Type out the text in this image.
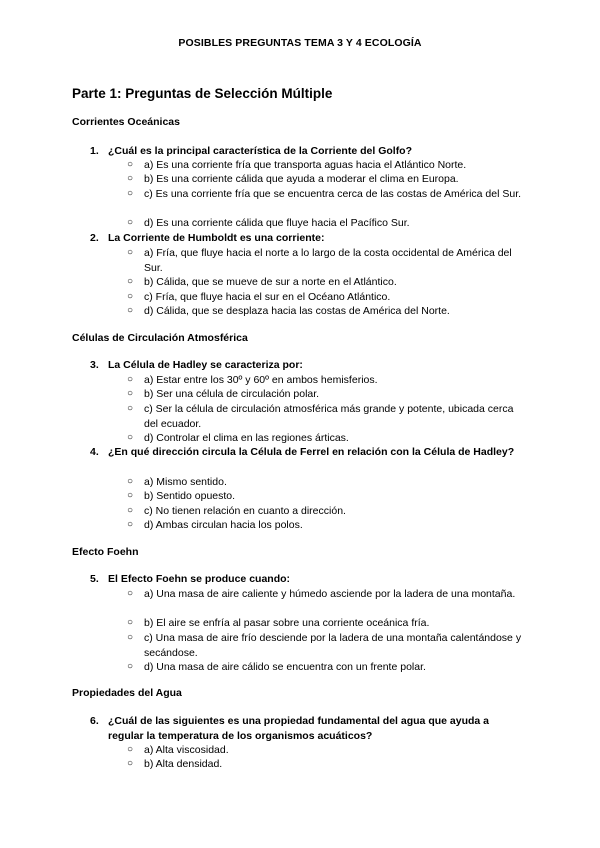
POSIBLES PREGUNTAS TEMA 3 Y 4 ECOLOGÍA
Parte 1: Preguntas de Selección Múltiple
Corrientes Oceánicas
1. ¿Cuál es la principal característica de la Corriente del Golfo?
○ a) Es una corriente fría que transporta aguas hacia el Atlántico Norte.
○ b) Es una corriente cálida que ayuda a moderar el clima en Europa.
○ c) Es una corriente fría que se encuentra cerca de las costas de América del Sur.
○ d) Es una corriente cálida que fluye hacia el Pacífico Sur.
2. La Corriente de Humboldt es una corriente:
○ a) Fría, que fluye hacia el norte a lo largo de la costa occidental de América del Sur.
○ b) Cálida, que se mueve de sur a norte en el Atlántico.
○ c) Fría, que fluye hacia el sur en el Océano Atlántico.
○ d) Cálida, que se desplaza hacia las costas de América del Norte.
Células de Circulación Atmosférica
3. La Célula de Hadley se caracteriza por:
○ a) Estar entre los 30º y 60º en ambos hemisferios.
○ b) Ser una célula de circulación polar.
○ c) Ser la célula de circulación atmosférica más grande y potente, ubicada cerca del ecuador.
○ d) Controlar el clima en las regiones árticas.
4. ¿En qué dirección circula la Célula de Ferrel en relación con la Célula de Hadley?
○ a) Mismo sentido.
○ b) Sentido opuesto.
○ c) No tienen relación en cuanto a dirección.
○ d) Ambas circulan hacia los polos.
Efecto Foehn
5. El Efecto Foehn se produce cuando:
○ a) Una masa de aire caliente y húmedo asciende por la ladera de una montaña.
○ b) El aire se enfría al pasar sobre una corriente oceánica fría.
○ c) Una masa de aire frío desciende por la ladera de una montaña calentándose y secándose.
○ d) Una masa de aire cálido se encuentra con un frente polar.
Propiedades del Agua
6. ¿Cuál de las siguientes es una propiedad fundamental del agua que ayuda a regular la temperatura de los organismos acuáticos?
○ a) Alta viscosidad.
○ b) Alta densidad.
